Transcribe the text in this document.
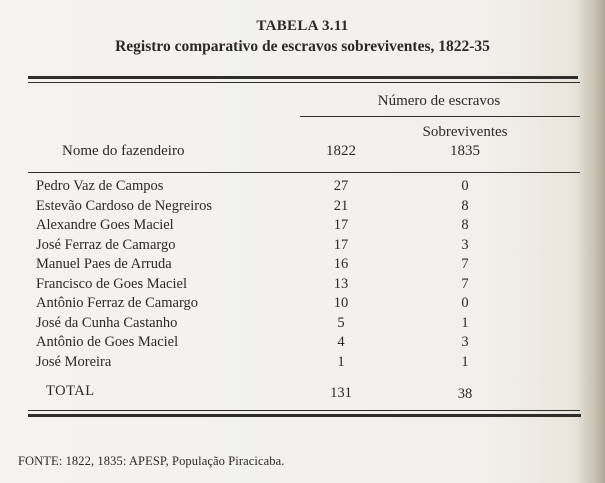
TABELA 3.11
Registro comparativo de escravos sobreviventes, 1822-35
Número de escravos
Sobreviventes
Nome do fazendeiro	1822	1835
Pedro Vaz de Campos	27	0
Estevão Cardoso de Negreiros	21	8
Alexandre Goes Maciel	17	8
José Ferraz de Camargo	17	3
Manuel Paes de Arruda	16	7
Francisco de Goes Maciel	13	7
Antônio Ferraz de Camargo	10	0
José da Cunha Castanho	5	1
Antônio de Goes Maciel	4	3
José Moreira	1	1
TOTAL	131	38
FONTE: 1822, 1835: APESP, População Piracicaba.
